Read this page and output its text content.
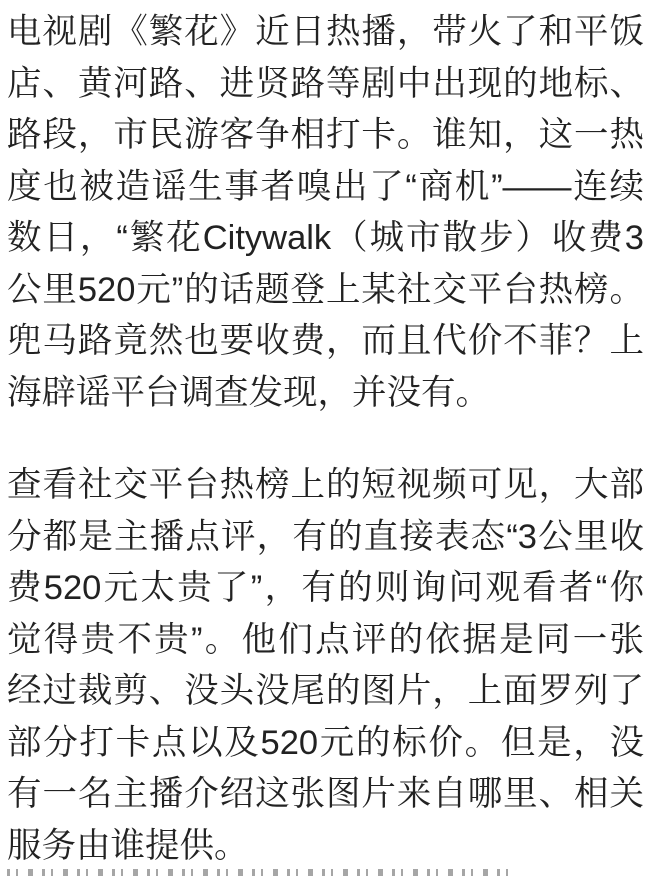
电视剧《繁花》近日热播，带火了和平饭
店、黄河路、进贤路等剧中出现的地标、
路段，市民游客争相打卡。谁知，这一热
度也被造谣生事者嗅出了“商机”——连续
数日，“繁花Citywalk（城市散步）收费3
公里520元”的话题登上某社交平台热榜。
兜马路竟然也要收费，而且代价不菲？上
海辟谣平台调查发现，并没有。
查看社交平台热榜上的短视频可见，大部
分都是主播点评，有的直接表态“3公里收
费520元太贵了”，有的则询问观看者“你
觉得贵不贵”。他们点评的依据是同一张
经过裁剪、没头没尾的图片，上面罗列了
部分打卡点以及520元的标价。但是，没
有一名主播介绍这张图片来自哪里、相关
服务由谁提供。
